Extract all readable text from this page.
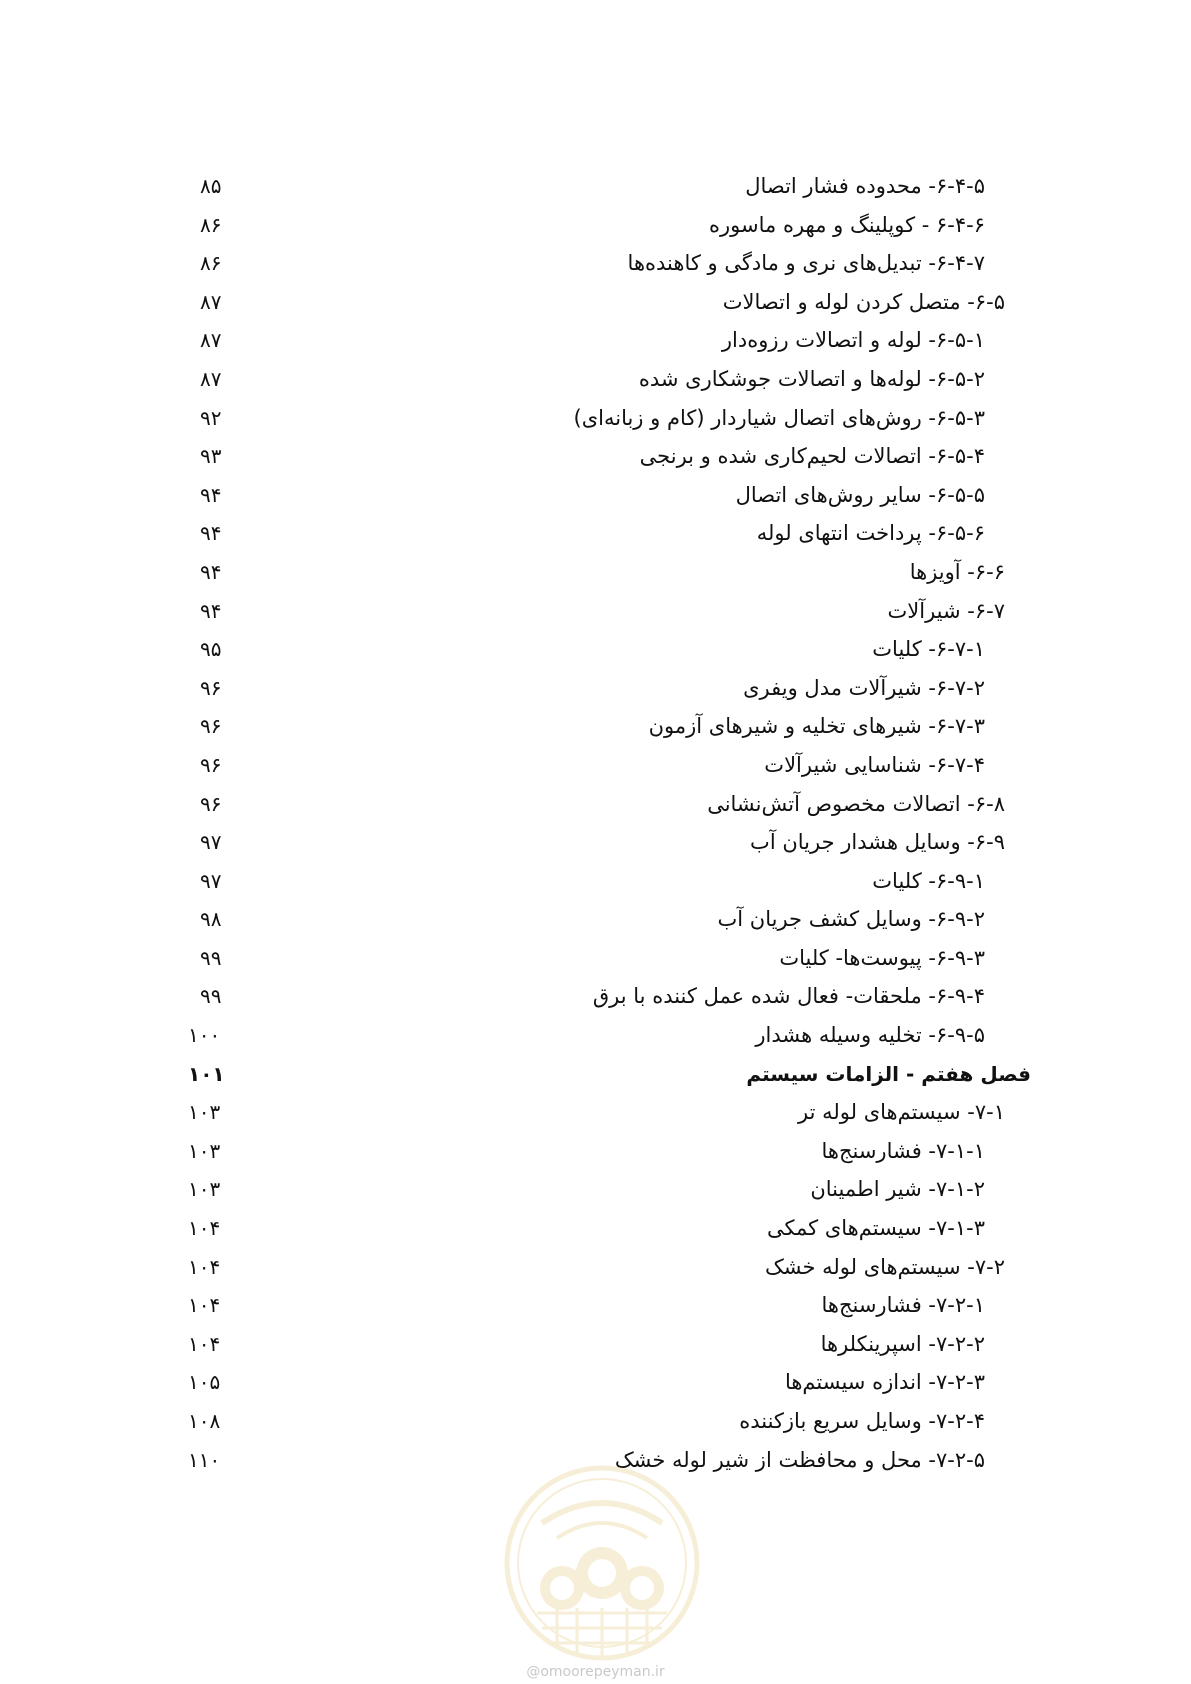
۶-۴-۵- محدوده فشار اتصال
۸۵
۶-۴-۶ - کوپلینگ و مهره ماسوره
۸۶
۶-۴-۷- تبدیل‌های نری و مادگی و کاهنده‌ها
۸۶
۶-۵- متصل کردن لوله و اتصالات
۸۷
۶-۵-۱- لوله و اتصالات رزوه‌دار
۸۷
۶-۵-۲- لوله‌ها و اتصالات جوشکاری شده
۸۷
۶-۵-۳- روش‌های اتصال شیاردار (کام و زبانه‌ای)
۹۲
۶-۵-۴- اتصالات لحیم‌کاری شده و برنجی
۹۳
۶-۵-۵- سایر روش‌های اتصال
۹۴
۶-۵-۶- پرداخت انتهای لوله
۹۴
۶-۶- آویزها
۹۴
۶-۷- شیرآلات
۹۴
۶-۷-۱- کلیات
۹۵
۶-۷-۲- شیرآلات مدل ویفری
۹۶
۶-۷-۳- شیرهای تخلیه و شیرهای آزمون
۹۶
۶-۷-۴- شناسایی شیرآلات
۹۶
۶-۸- اتصالات مخصوص آتش‌نشانی
۹۶
۶-۹- وسایل هشدار جریان آب
۹۷
۶-۹-۱- کلیات
۹۷
۶-۹-۲- وسایل کشف جریان آب
۹۸
۶-۹-۳- پیوست‌ها- کلیات
۹۹
۶-۹-۴- ملحقات- فعال شده عمل کننده با برق
۹۹
۶-۹-۵- تخلیه وسیله هشدار
۱۰۰
فصل هفتم - الزامات سیستم
۱۰۱
۷-۱- سیستم‌های لوله تر
۱۰۳
۷-۱-۱- فشارسنج‌ها
۱۰۳
۷-۱-۲- شیر اطمینان
۱۰۳
۷-۱-۳- سیستم‌های کمکی
۱۰۴
۷-۲- سیستم‌های لوله خشک
۱۰۴
۷-۲-۱- فشارسنج‌ها
۱۰۴
۷-۲-۲- اسپرینکلرها
۱۰۴
۷-۲-۳- اندازه سیستم‌ها
۱۰۵
۷-۲-۴- وسایل سریع بازکننده
۱۰۸
۷-۲-۵- محل و محافظت از شیر لوله خشک
۱۱۰
@omoorepeyman.ir
